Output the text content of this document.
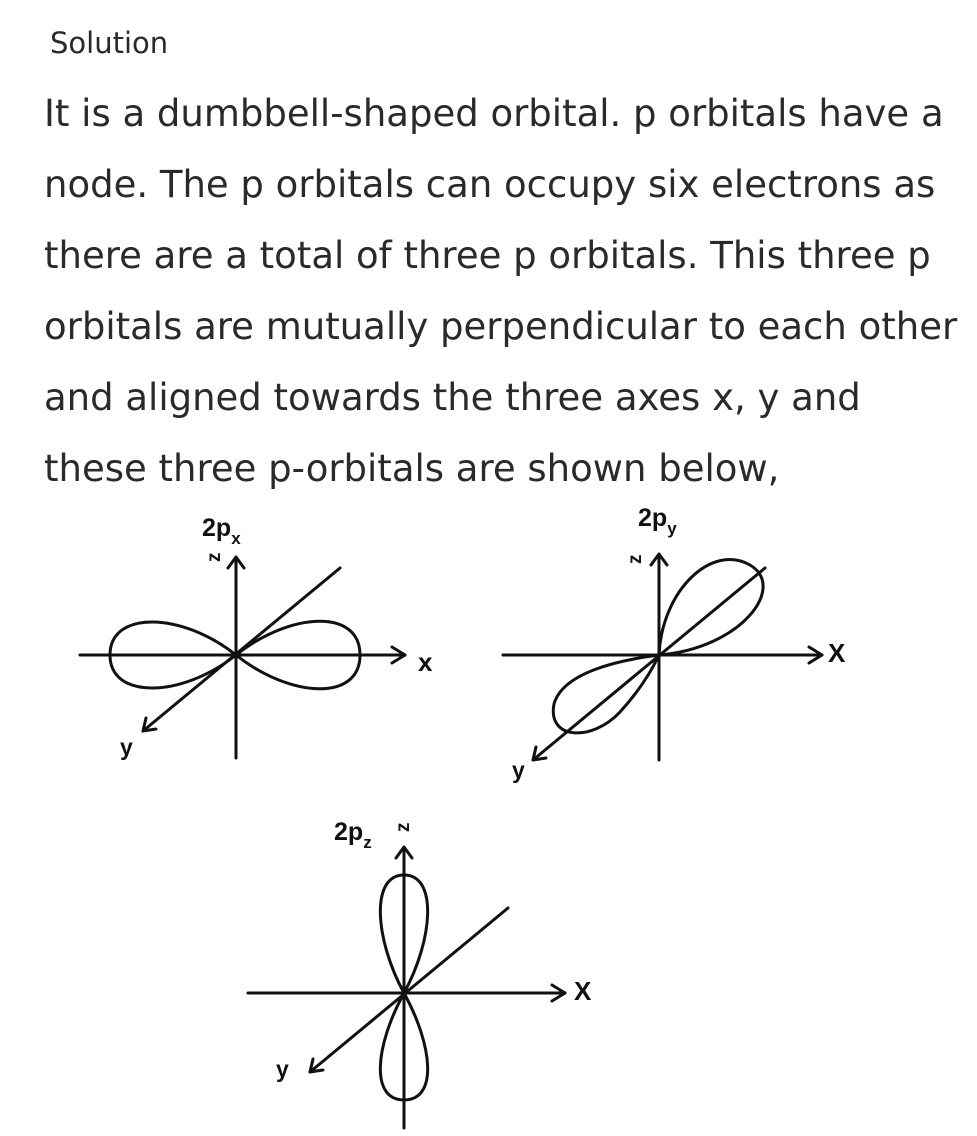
Solution

It is a dumbbell-shaped orbital. p orbitals have a node. The p orbitals can occupy six electrons as there are a total of three p orbitals. This three p orbitals are mutually perpendicular to each other and aligned towards the three axes x, y and these three p-orbitals are shown below,

$2p_x$
z
x
y
$2p_y$
z
X
y
$2p_z$
z
X
y
